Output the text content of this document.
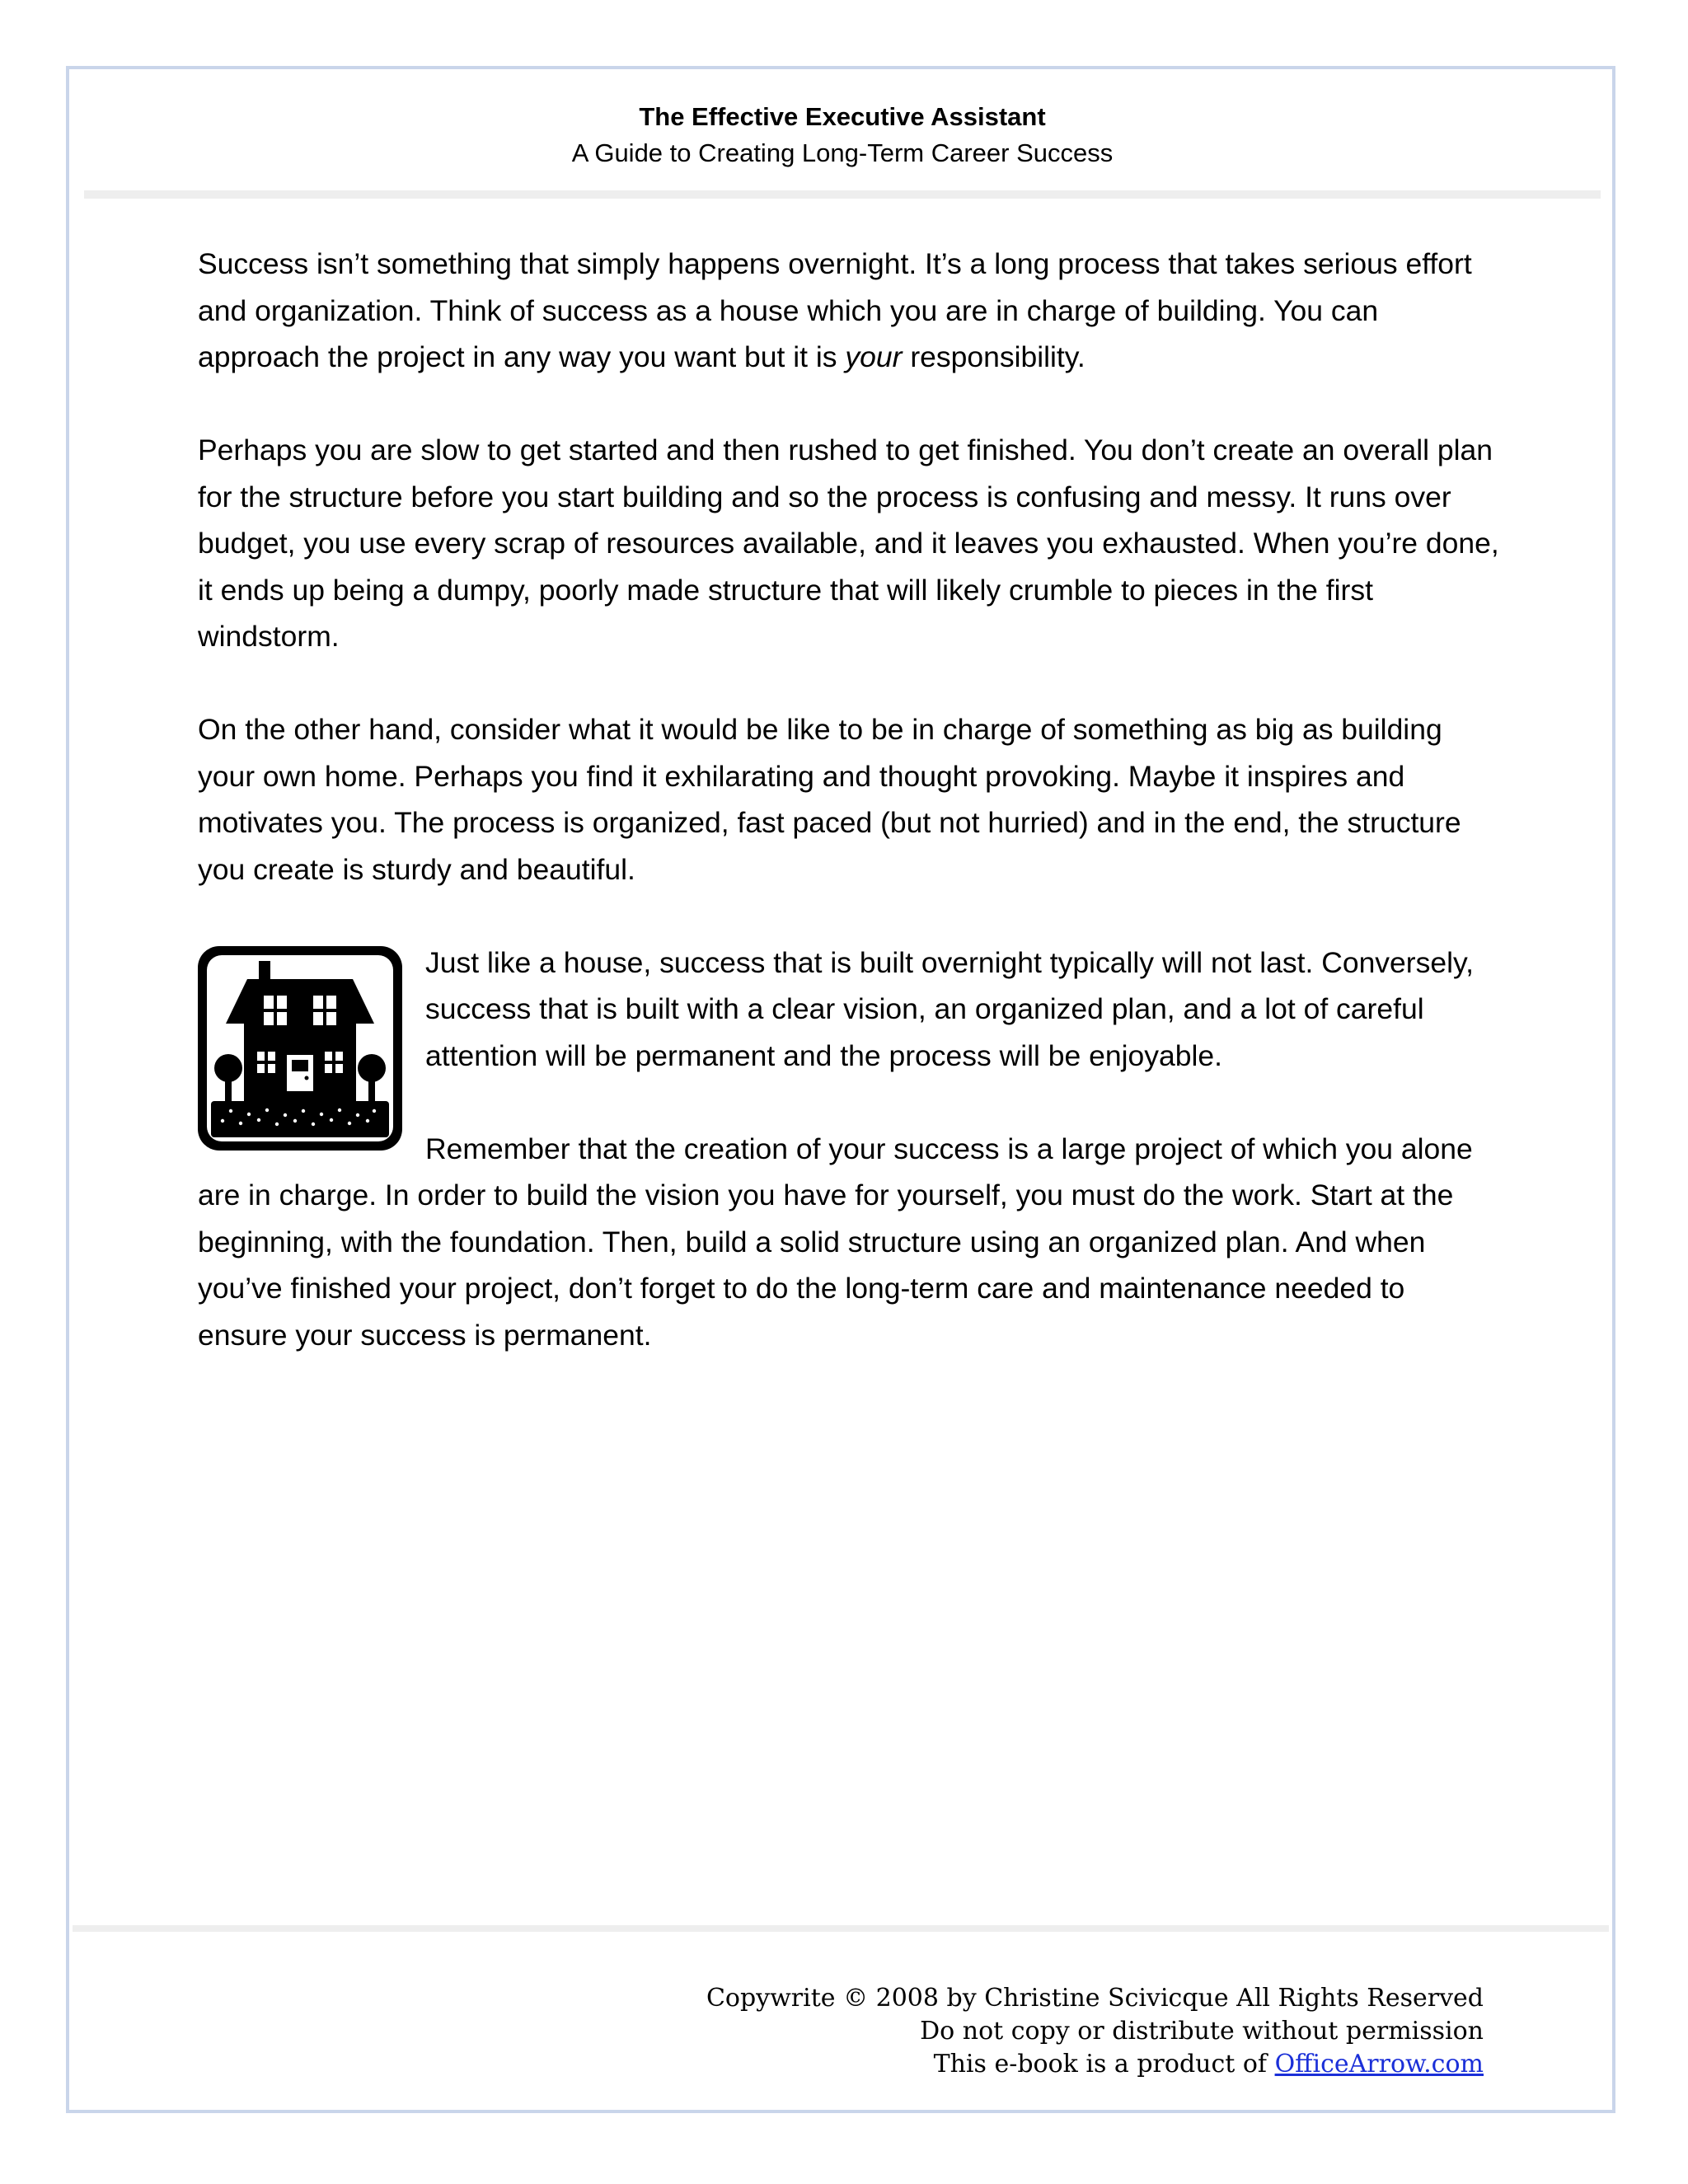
The Effective Executive Assistant
A Guide to Creating Long-Term Career Success

Success isn’t something that simply happens overnight. It’s a long process that takes serious effort and organization. Think of success as a house which you are in charge of building. You can approach the project in any way you want but it is your responsibility.

Perhaps you are slow to get started and then rushed to get finished. You don’t create an overall plan for the structure before you start building and so the process is confusing and messy. It runs over budget, you use every scrap of resources available, and it leaves you exhausted. When you’re done, it ends up being a dumpy, poorly made structure that will likely crumble to pieces in the first windstorm.

On the other hand, consider what it would be like to be in charge of something as big as building your own home. Perhaps you find it exhilarating and thought provoking. Maybe it inspires and motivates you. The process is organized, fast paced (but not hurried) and in the end, the structure you create is sturdy and beautiful.

Just like a house, success that is built overnight typically will not last. Conversely, success that is built with a clear vision, an organized plan, and a lot of careful attention will be permanent and the process will be enjoyable.

Remember that the creation of your success is a large project of which you alone are in charge. In order to build the vision you have for yourself, you must do the work. Start at the beginning, with the foundation. Then, build a solid structure using an organized plan. And when you’ve finished your project, don’t forget to do the long-term care and maintenance needed to ensure your success is permanent.

Copywrite © 2008 by Christine Scivicque All Rights Reserved
Do not copy or distribute without permission
This e-book is a product of OfficeArrow.com
